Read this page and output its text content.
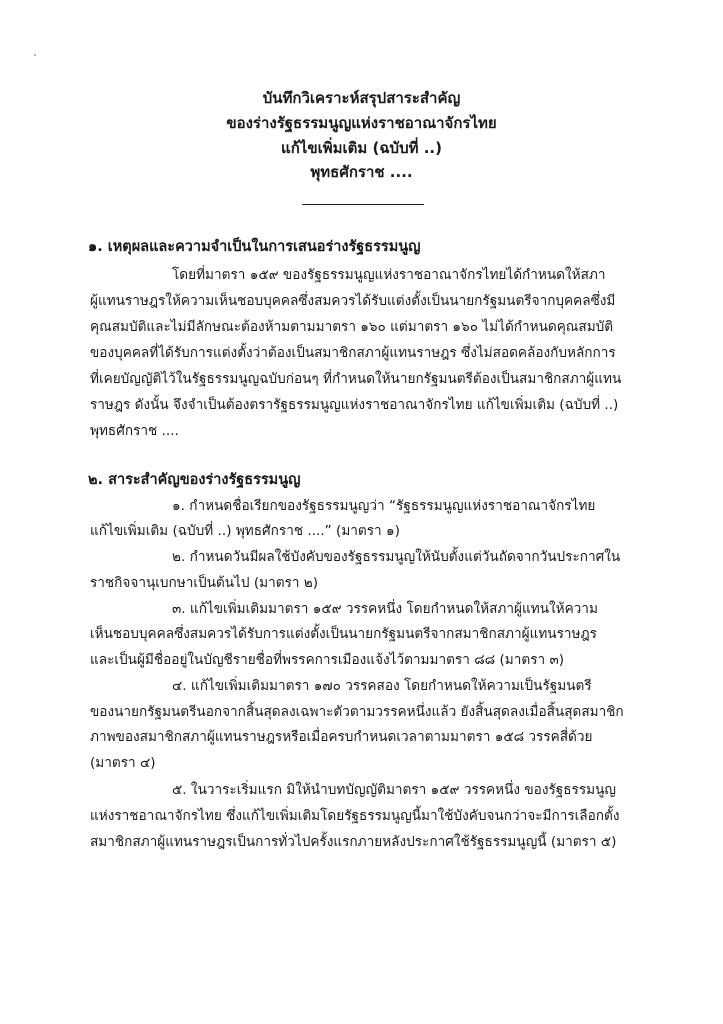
บันทึกวิเคราะห์สรุปสาระสำคัญ
ของร่างรัฐธรรมนูญแห่งราชอาณาจักรไทย
แก้ไขเพิ่มเติม (ฉบับที่ ..)
พุทธศักราช ....
๑. เหตุผลและความจำเป็นในการเสนอร่างรัฐธรรมนูญ
โดยที่มาตรา ๑๕๙ ของรัฐธรรมนูญแห่งราชอาณาจักรไทยได้กำหนดให้สภา
ผู้แทนราษฎรให้ความเห็นชอบบุคคลซึ่งสมควรได้รับแต่งตั้งเป็นนายกรัฐมนตรีจากบุคคลซึ่งมี
คุณสมบัติและไม่มีลักษณะต้องห้ามตามมาตรา ๑๖๐ แต่มาตรา ๑๖๐ ไม่ได้กำหนดคุณสมบัติ
ของบุคคลที่ได้รับการแต่งตั้งว่าต้องเป็นสมาชิกสภาผู้แทนราษฎร ซึ่งไม่สอดคล้องกับหลักการ
ที่เคยบัญญัติไว้ในรัฐธรรมนูญฉบับก่อนๆ ที่กำหนดให้นายกรัฐมนตรีต้องเป็นสมาชิกสภาผู้แทน
ราษฎร ดังนั้น จึงจำเป็นต้องตรารัฐธรรมนูญแห่งราชอาณาจักรไทย แก้ไขเพิ่มเติม (ฉบับที่ ..)
พุทธศักราช ....
๒. สาระสำคัญของร่างรัฐธรรมนูญ
๑. กำหนดชื่อเรียกของรัฐธรรมนูญว่า “รัฐธรรมนูญแห่งราชอาณาจักรไทย
แก้ไขเพิ่มเติม (ฉบับที่ ..) พุทธศักราช ....” (มาตรา ๑)
๒. กำหนดวันมีผลใช้บังคับของรัฐธรรมนูญให้นับตั้งแต่วันถัดจากวันประกาศใน
ราชกิจจานุเบกษาเป็นต้นไป (มาตรา ๒)
๓. แก้ไขเพิ่มเติมมาตรา ๑๕๙ วรรคหนึ่ง โดยกำหนดให้สภาผู้แทนให้ความ
เห็นชอบบุคคลซึ่งสมควรได้รับการแต่งตั้งเป็นนายกรัฐมนตรีจากสมาชิกสภาผู้แทนราษฎร
และเป็นผู้มีชื่ออยู่ในบัญชีรายชื่อที่พรรคการเมืองแจ้งไว้ตามมาตรา ๘๘ (มาตรา ๓)
๔. แก้ไขเพิ่มเติมมาตรา ๑๗๐ วรรคสอง โดยกำหนดให้ความเป็นรัฐมนตรี
ของนายกรัฐมนตรีนอกจากสิ้นสุดลงเฉพาะตัวตามวรรคหนึ่งแล้ว ยังสิ้นสุดลงเมื่อสิ้นสุดสมาชิก
ภาพของสมาชิกสภาผู้แทนราษฎรหรือเมื่อครบกำหนดเวลาตามมาตรา ๑๕๘ วรรคสี่ด้วย
(มาตรา ๔)
๕. ในวาระเริ่มแรก มิให้นำบทบัญญัติมาตรา ๑๕๙ วรรคหนึ่ง ของรัฐธรรมนูญ
แห่งราชอาณาจักรไทย ซึ่งแก้ไขเพิ่มเติมโดยรัฐธรรมนูญนี้มาใช้บังคับจนกว่าจะมีการเลือกตั้ง
สมาชิกสภาผู้แทนราษฎรเป็นการทั่วไปครั้งแรกภายหลังประกาศใช้รัฐธรรมนูญนี้ (มาตรา ๕)
